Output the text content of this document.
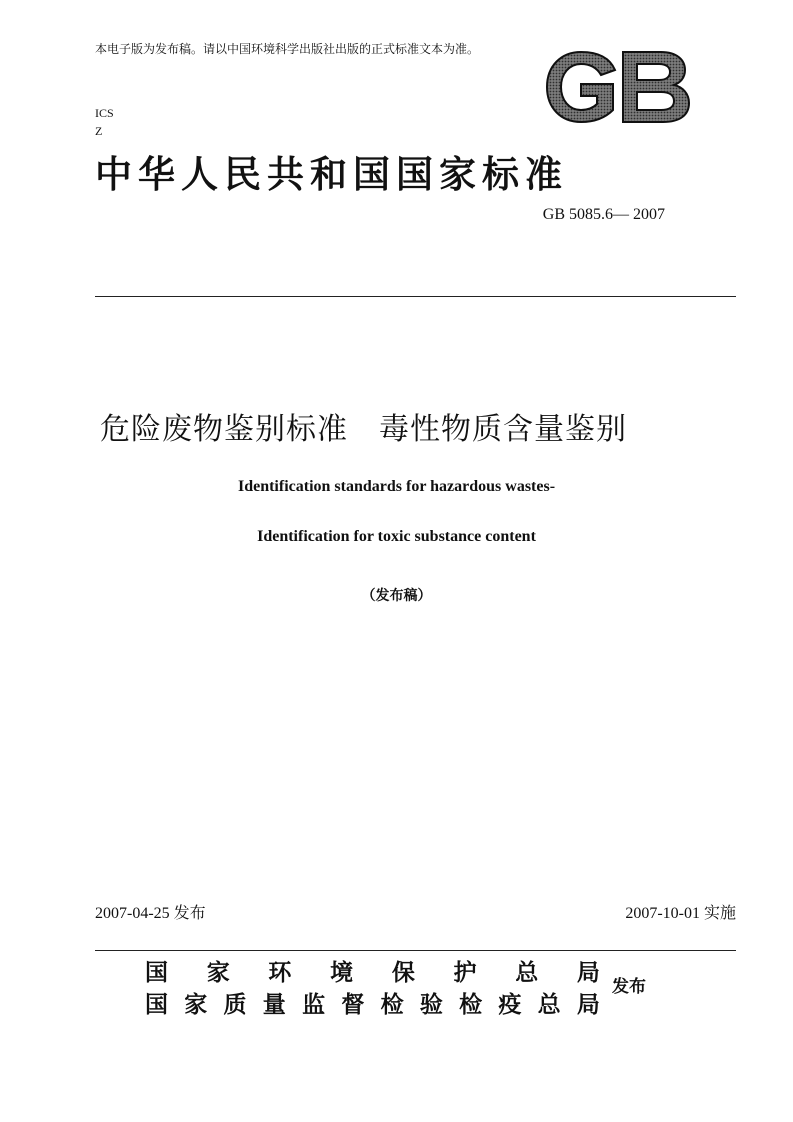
本电子版为发布稿。请以中国环境科学出版社出版的正式标准文本为准。
ICS
Z
中华人民共和国国家标准
GB 5085.6— 2007
危险废物鉴别标准　毒性物质含量鉴别
Identification standards for hazardous wastes-
Identification for toxic substance content
（发布稿）
2007-04-25 发布	2007-10-01 实施
国 家 环 境 保 护 总 局
国 家 质 量 监 督 检 验 检 疫 总 局
发布
